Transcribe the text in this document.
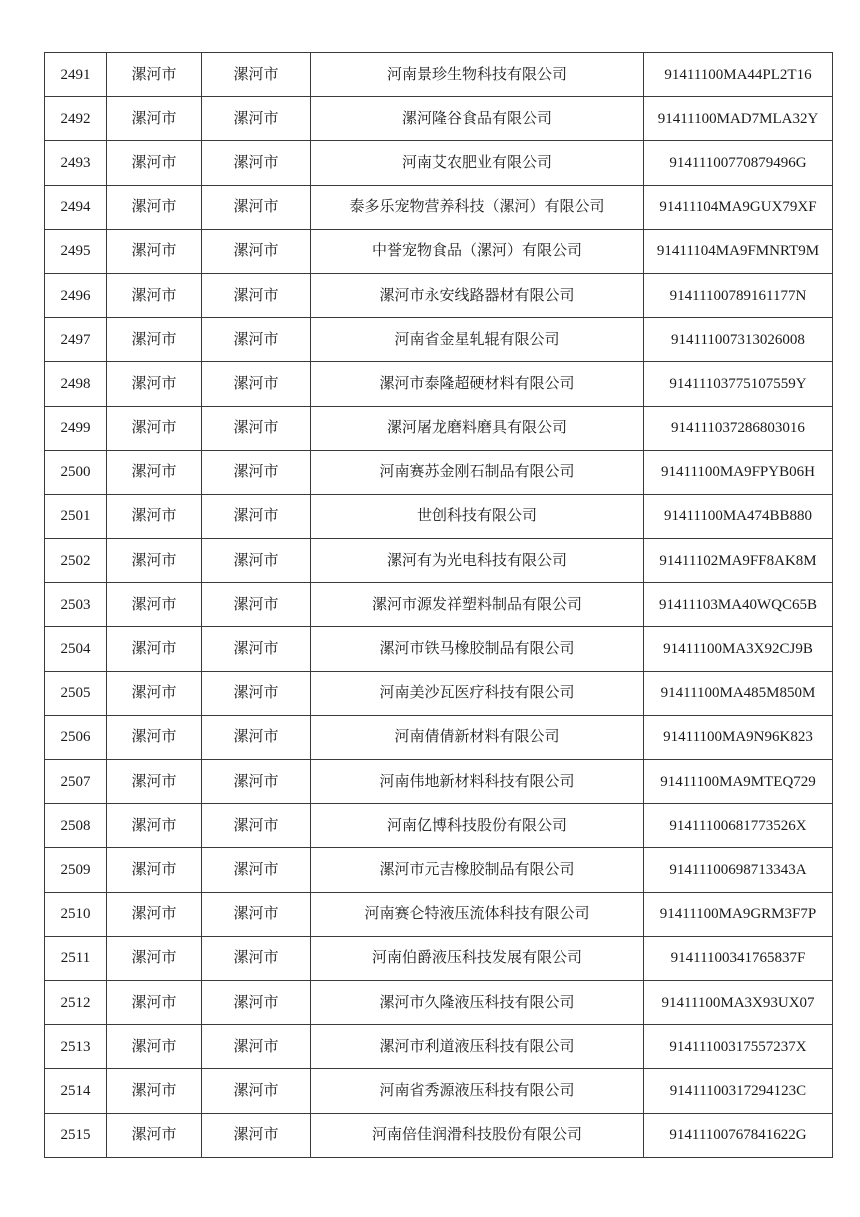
2491	漯河市	漯河市	河南景珍生物科技有限公司	91411100MA44PL2T16
2492	漯河市	漯河市	漯河隆谷食品有限公司	91411100MAD7MLA32Y
2493	漯河市	漯河市	河南艾农肥业有限公司	91411100770879496G
2494	漯河市	漯河市	泰多乐宠物营养科技（漯河）有限公司	91411104MA9GUX79XF
2495	漯河市	漯河市	中誉宠物食品（漯河）有限公司	91411104MA9FMNRT9M
2496	漯河市	漯河市	漯河市永安线路器材有限公司	91411100789161177N
2497	漯河市	漯河市	河南省金星轧辊有限公司	914111007313026008
2498	漯河市	漯河市	漯河市泰隆超硬材料有限公司	91411103775107559Y
2499	漯河市	漯河市	漯河屠龙磨料磨具有限公司	914111037286803016
2500	漯河市	漯河市	河南赛苏金刚石制品有限公司	91411100MA9FPYB06H
2501	漯河市	漯河市	世创科技有限公司	91411100MA474BB880
2502	漯河市	漯河市	漯河有为光电科技有限公司	91411102MA9FF8AK8M
2503	漯河市	漯河市	漯河市源发祥塑料制品有限公司	91411103MA40WQC65B
2504	漯河市	漯河市	漯河市铁马橡胶制品有限公司	91411100MA3X92CJ9B
2505	漯河市	漯河市	河南美沙瓦医疗科技有限公司	91411100MA485M850M
2506	漯河市	漯河市	河南倩倩新材料有限公司	91411100MA9N96K823
2507	漯河市	漯河市	河南伟地新材料科技有限公司	91411100MA9MTEQ729
2508	漯河市	漯河市	河南亿博科技股份有限公司	91411100681773526X
2509	漯河市	漯河市	漯河市元吉橡胶制品有限公司	91411100698713343A
2510	漯河市	漯河市	河南赛仑特液压流体科技有限公司	91411100MA9GRM3F7P
2511	漯河市	漯河市	河南伯爵液压科技发展有限公司	91411100341765837F
2512	漯河市	漯河市	漯河市久隆液压科技有限公司	91411100MA3X93UX07
2513	漯河市	漯河市	漯河市利道液压科技有限公司	91411100317557237X
2514	漯河市	漯河市	河南省秀源液压科技有限公司	91411100317294123C
2515	漯河市	漯河市	河南倍佳润滑科技股份有限公司	91411100767841622G
